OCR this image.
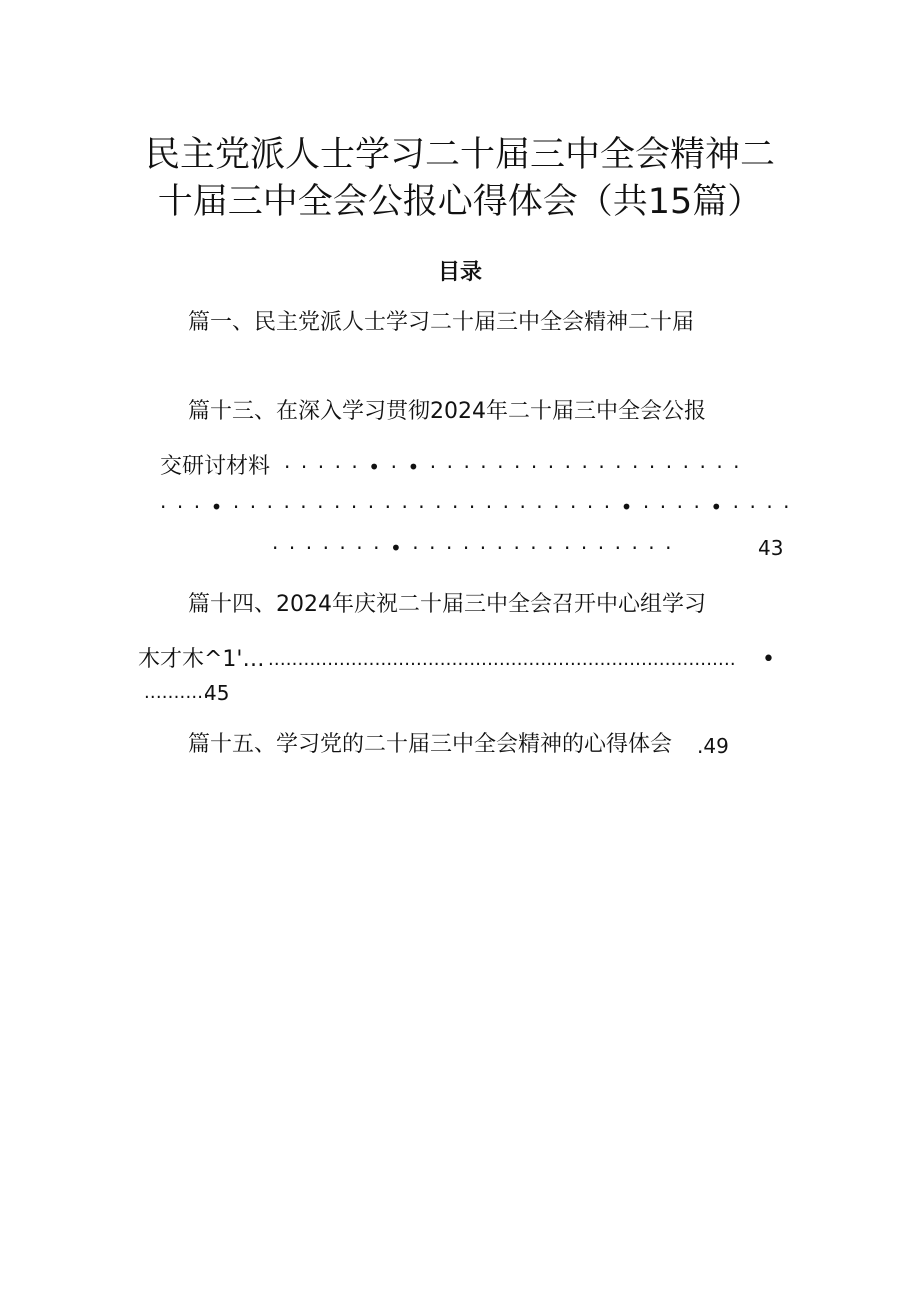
民主党派人士学习二十届三中全会精神二
十届三中全会公报心得体会（共15篇）
目录

篇一、民主党派人士学习二十届三中全会精神二十届

篇十三、在深入学习贯彻2024年二十届三中全会公报

交研讨材料 ·····•·•···················

···•·······················•····•····

·······•················	43

篇十四、2024年庆祝二十届三中全会召开中心组学习

木才木^1'… ............................................................................... •

...........

45

篇十五、学习党的二十届三中全会精神的心得体会 .49
